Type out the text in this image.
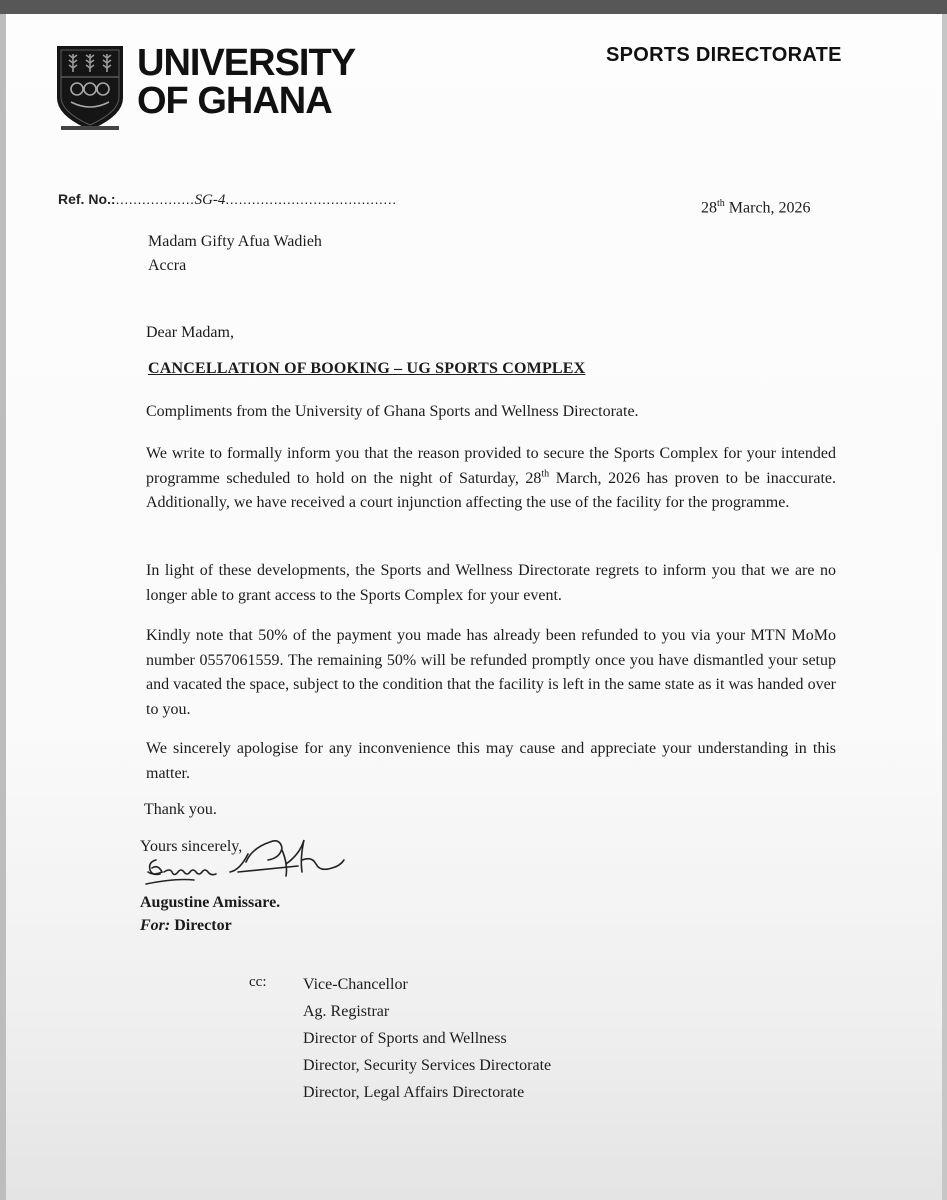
UNIVERSITY
OF GHANA
SPORTS DIRECTORATE
Ref. No.:..................SG-4.......................................
28th March, 2026
Madam Gifty Afua Wadieh
Accra
Dear Madam,
CANCELLATION OF BOOKING – UG SPORTS COMPLEX
Compliments from the University of Ghana Sports and Wellness Directorate.
We write to formally inform you that the reason provided to secure the Sports Complex for your intended programme scheduled to hold on the night of Saturday, 28th March, 2026 has proven to be inaccurate. Additionally, we have received a court injunction affecting the use of the facility for the programme.
In light of these developments, the Sports and Wellness Directorate regrets to inform you that we are no longer able to grant access to the Sports Complex for your event.
Kindly note that 50% of the payment you made has already been refunded to you via your MTN MoMo number 0557061559. The remaining 50% will be refunded promptly once you have dismantled your setup and vacated the space, subject to the condition that the facility is left in the same state as it was handed over to you.
We sincerely apologise for any inconvenience this may cause and appreciate your understanding in this matter.
Thank you.
Yours sincerely,
Augustine Amissare.
For: Director
cc: Vice-Chancellor
Ag. Registrar
Director of Sports and Wellness
Director, Security Services Directorate
Director, Legal Affairs Directorate
